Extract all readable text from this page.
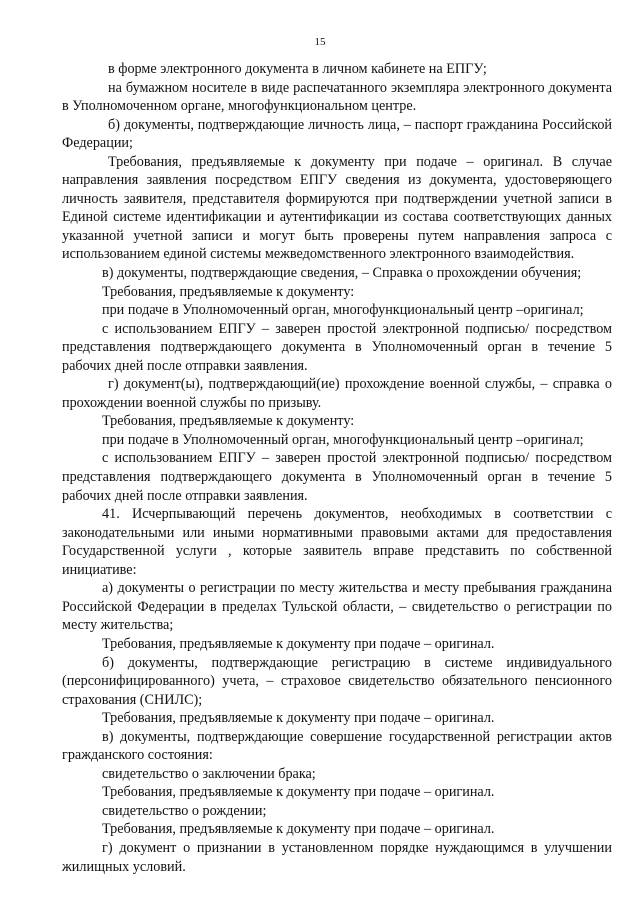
15

в форме электронного документа в личном кабинете на ЕПГУ;

на бумажном носителе в виде распечатанного экземпляра электронного документа в Уполномоченном органе, многофункциональном центре.

б) документы, подтверждающие личность лица, – паспорт гражданина Российской Федерации;

Требования, предъявляемые к документу при подаче – оригинал. В случае направления заявления посредством ЕПГУ сведения из документа, удостоверяющего личность заявителя, представителя формируются при подтверждении учетной записи в Единой системе идентификации и аутентификации из состава соответствующих данных указанной учетной записи и могут быть проверены путем направления запроса с использованием единой системы межведомственного электронного взаимодействия.

в) документы, подтверждающие сведения, – Справка о прохождении обучения;

Требования, предъявляемые к документу:

при подаче в Уполномоченный орган, многофункциональный центр –оригинал;

с использованием ЕПГУ – заверен простой электронной подписью/ посредством представления подтверждающего документа в Уполномоченный орган в течение 5 рабочих дней после отправки заявления.

г) документ(ы), подтверждающий(ие) прохождение военной службы, – справка о прохождении военной службы по призыву.

Требования, предъявляемые к документу:

при подаче в Уполномоченный орган, многофункциональный центр –оригинал;

с использованием ЕПГУ – заверен простой электронной подписью/ посредством представления подтверждающего документа в Уполномоченный орган в течение 5 рабочих дней после отправки заявления.

41. Исчерпывающий перечень документов, необходимых в соответствии с законодательными или иными нормативными правовыми актами для предоставления Государственной услуги , которые заявитель вправе представить по собственной инициативе:

а) документы о регистрации по месту жительства и месту пребывания гражданина Российской Федерации в пределах Тульской области, – свидетельство о регистрации по месту жительства;

Требования, предъявляемые к документу при подаче – оригинал.

б) документы, подтверждающие регистрацию в системе индивидуального (персонифицированного) учета, – страховое свидетельство обязательного пенсионного страхования (СНИЛС);

Требования, предъявляемые к документу при подаче – оригинал.

в) документы, подтверждающие совершение государственной регистрации актов гражданского состояния:

свидетельство о заключении брака;

Требования, предъявляемые к документу при подаче – оригинал.

свидетельство о рождении;

Требования, предъявляемые к документу при подаче – оригинал.

г) документ о признании в установленном порядке нуждающимся в улучшении жилищных условий.
